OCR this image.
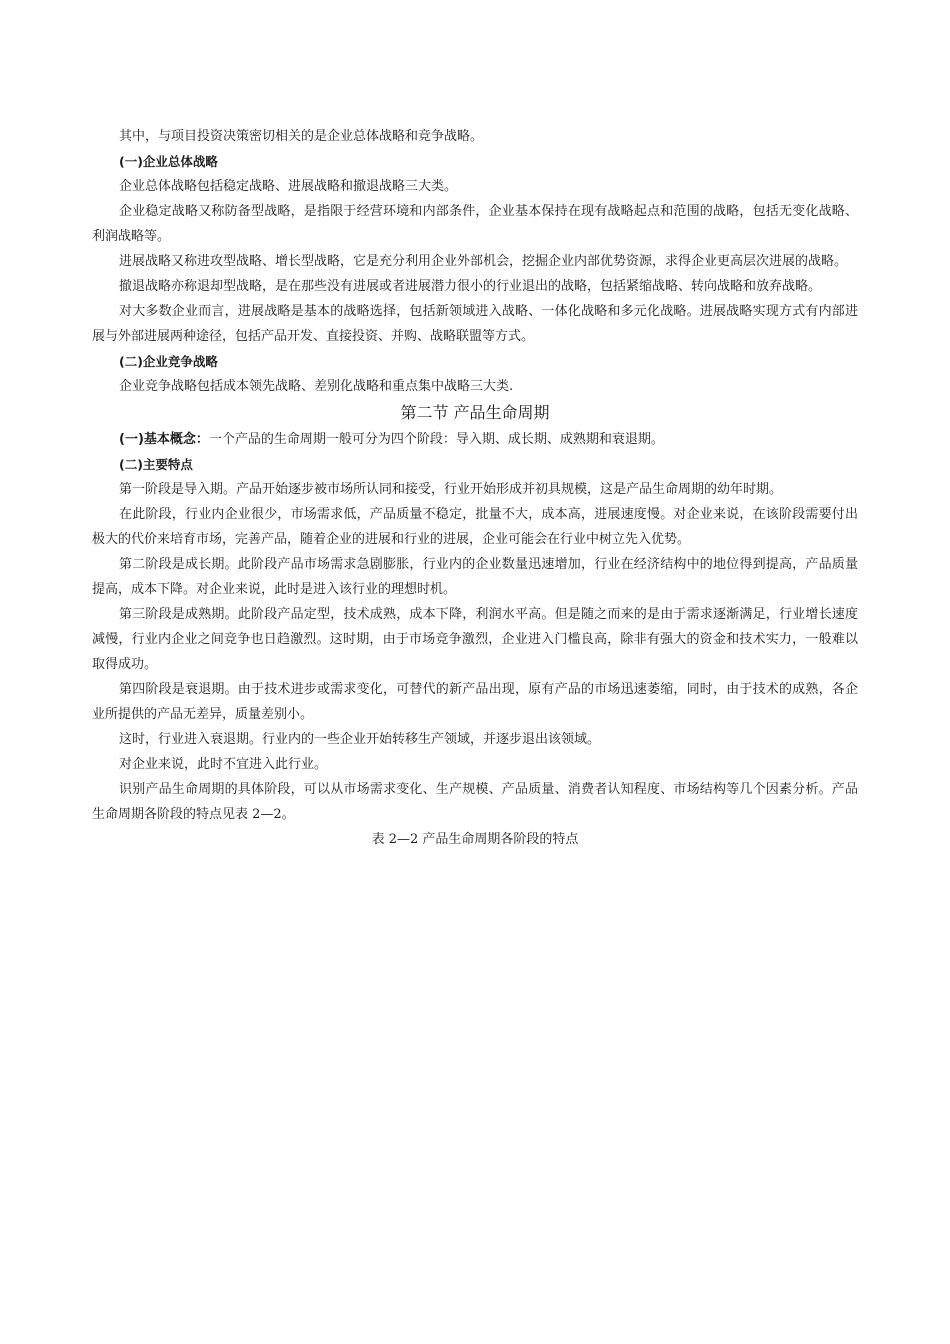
其中，与项目投资决策密切相关的是企业总体战略和竞争战略。

(一)企业总体战略

企业总体战略包括稳定战略、进展战略和撤退战略三大类。

企业稳定战略又称防备型战略，是指限于经营环境和内部条件，企业基本保持在现有战略起点和范围的战略，包括无变化战略、利润战略等。

进展战略又称进攻型战略、增长型战略，它是充分利用企业外部机会，挖掘企业内部优势资源，求得企业更高层次进展的战略。

撤退战略亦称退却型战略，是在那些没有进展或者进展潜力很小的行业退出的战略，包括紧缩战略、转向战略和放弃战略。

对大多数企业而言，进展战略是基本的战略选择，包括新领域进入战略、一体化战略和多元化战略。进展战略实现方式有内部进展与外部进展两种途径，包括产品开发、直接投资、并购、战略联盟等方式。

(二)企业竞争战略

企业竞争战略包括成本领先战略、差别化战略和重点集中战略三大类.

第二节 产品生命周期

(一)基本概念：一个产品的生命周期一般可分为四个阶段：导入期、成长期、成熟期和衰退期。

(二)主要特点

第一阶段是导入期。产品开始逐步被市场所认同和接受，行业开始形成并初具规模，这是产品生命周期的幼年时期。

在此阶段，行业内企业很少，市场需求低，产品质量不稳定，批量不大，成本高，进展速度慢。对企业来说，在该阶段需要付出极大的代价来培育市场，完善产品，随着企业的进展和行业的进展，企业可能会在行业中树立先入优势。

第二阶段是成长期。此阶段产品市场需求急剧膨胀，行业内的企业数量迅速增加，行业在经济结构中的地位得到提高，产品质量提高，成本下降。对企业来说，此时是进入该行业的理想时机。

第三阶段是成熟期。此阶段产品定型，技术成熟，成本下降，利润水平高。但是随之而来的是由于需求逐渐满足，行业增长速度减慢，行业内企业之间竞争也日趋激烈。这时期，由于市场竞争激烈，企业进入门槛良高，除非有强大的资金和技术实力，一般难以取得成功。

第四阶段是衰退期。由于技术进步或需求变化，可替代的新产品出现，原有产品的市场迅速萎缩，同时，由于技术的成熟，各企业所提供的产品无差异，质量差别小。

这时，行业进入衰退期。行业内的一些企业开始转移生产领域，并逐步退出该领域。

对企业来说，此时不宜进入此行业。

识别产品生命周期的具体阶段，可以从市场需求变化、生产规模、产品质量、消费者认知程度、市场结构等几个因素分析。产品生命周期各阶段的特点见表 2—2。

表 2—2 产品生命周期各阶段的特点
